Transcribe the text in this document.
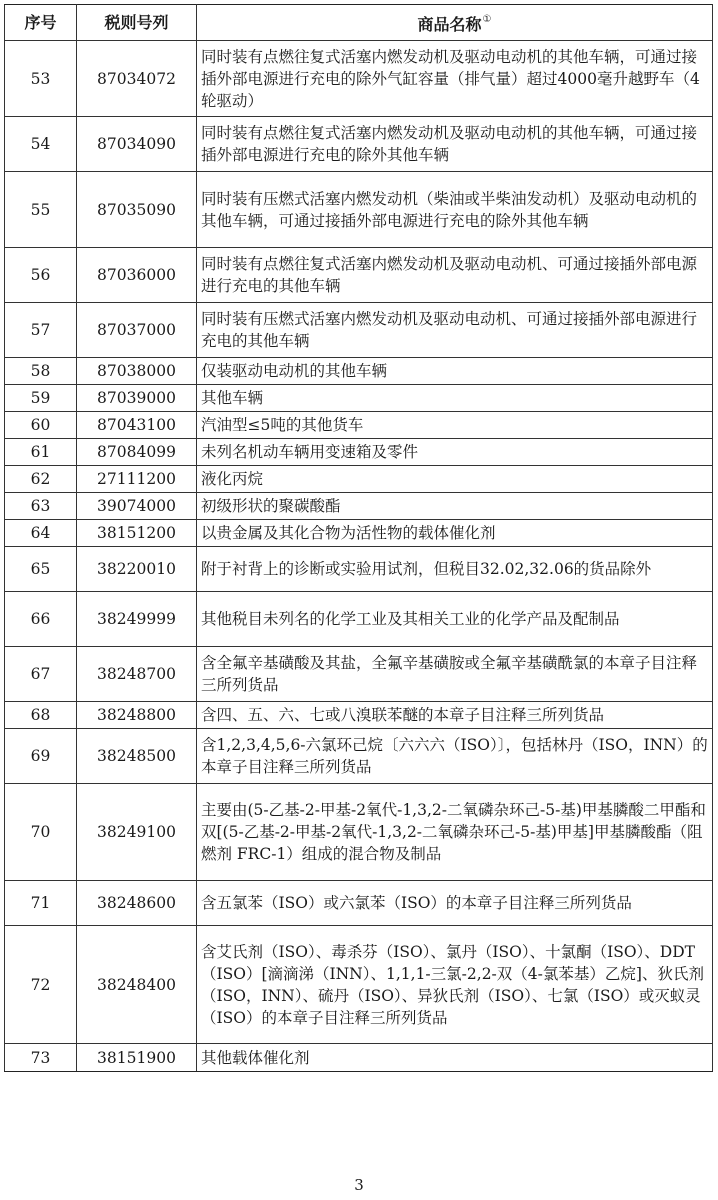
序号	税则号列	商品名称①
53	87034072	同时装有点燃往复式活塞内燃发动机及驱动电动机的其他车辆，可通过接插外部电源进行充电的除外气缸容量（排气量）超过4000毫升越野车（4轮驱动）
54	87034090	同时装有点燃往复式活塞内燃发动机及驱动电动机的其他车辆，可通过接插外部电源进行充电的除外其他车辆
55	87035090	同时装有压燃式活塞内燃发动机（柴油或半柴油发动机）及驱动电动机的其他车辆，可通过接插外部电源进行充电的除外其他车辆
56	87036000	同时装有点燃往复式活塞内燃发动机及驱动电动机、可通过接插外部电源进行充电的其他车辆
57	87037000	同时装有压燃式活塞内燃发动机及驱动电动机、可通过接插外部电源进行充电的其他车辆
58	87038000	仅装驱动电动机的其他车辆
59	87039000	其他车辆
60	87043100	汽油型≤5吨的其他货车
61	87084099	未列名机动车辆用变速箱及零件
62	27111200	液化丙烷
63	39074000	初级形状的聚碳酸酯
64	38151200	以贵金属及其化合物为活性物的载体催化剂
65	38220010	附于衬背上的诊断或实验用试剂，但税目32.02,32.06的货品除外
66	38249999	其他税目未列名的化学工业及其相关工业的化学产品及配制品
67	38248700	含全氟辛基磺酸及其盐，全氟辛基磺胺或全氟辛基磺酰氯的本章子目注释三所列货品
68	38248800	含四、五、六、七或八溴联苯醚的本章子目注释三所列货品
69	38248500	含1,2,3,4,5,6-六氯环己烷〔六六六（ISO）〕，包括林丹（ISO，INN）的本章子目注释三所列货品
70	38249100	主要由(5-乙基-2-甲基-2氧代-1,3,2-二氧磷杂环己-5-基)甲基膦酸二甲酯和双[(5-乙基-2-甲基-2氧代-1,3,2-二氧磷杂环己-5-基)甲基]甲基膦酸酯（阻燃剂 FRC-1）组成的混合物及制品
71	38248600	含五氯苯（ISO）或六氯苯（ISO）的本章子目注释三所列货品
72	38248400	含艾氏剂（ISO）、毒杀芬（ISO）、氯丹（ISO）、十氯酮（ISO）、DDT（ISO）[滴滴涕（INN）、1,1,1-三氯-2,2-双（4-氯苯基）乙烷]、狄氏剂（ISO，INN）、硫丹（ISO）、异狄氏剂（ISO）、七氯（ISO）或灭蚁灵（ISO）的本章子目注释三所列货品
73	38151900	其他载体催化剂
3
